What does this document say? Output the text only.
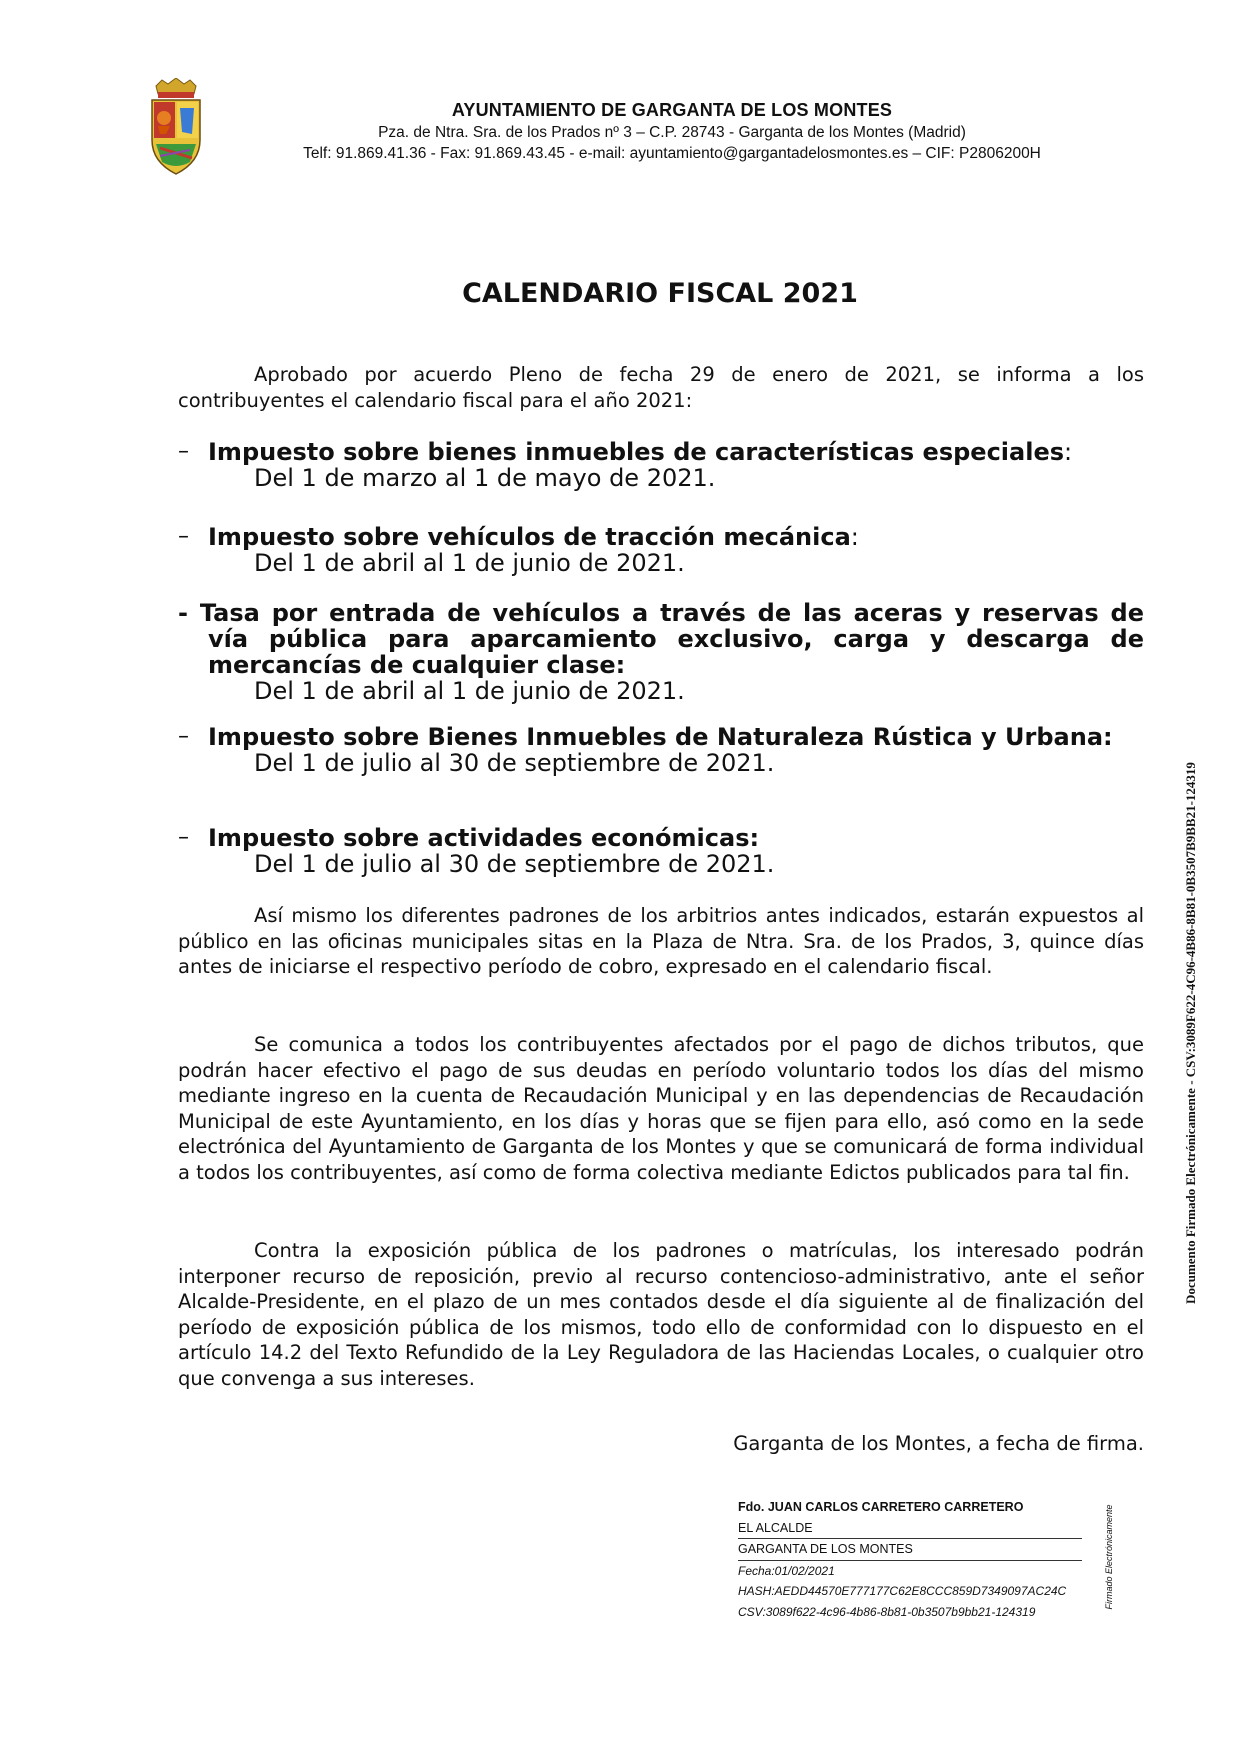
AYUNTAMIENTO DE GARGANTA DE LOS MONTES
Pza. de Ntra. Sra. de los Prados nº 3 – C.P. 28743 - Garganta de los Montes (Madrid)
Telf: 91.869.41.36 - Fax: 91.869.43.45 - e-mail: ayuntamiento@gargantadelosmontes.es – CIF: P2806200H
CALENDARIO FISCAL 2021
Aprobado por acuerdo Pleno de fecha 29 de enero de 2021, se informa a los contribuyentes el calendario fiscal para el año 2021:
– Impuesto sobre bienes inmuebles de características especiales:
Del 1 de marzo al 1 de mayo de 2021.
– Impuesto sobre vehículos de tracción mecánica:
Del 1 de abril al 1 de junio de 2021.
- Tasa por entrada de vehículos a través de las aceras y reservas de vía pública para aparcamiento exclusivo, carga y descarga de mercancías de cualquier clase:
Del 1 de abril al 1 de junio de 2021.
– Impuesto sobre Bienes Inmuebles de Naturaleza Rústica y Urbana:
Del 1 de julio al 30 de septiembre de 2021.
– Impuesto sobre actividades económicas:
Del 1 de julio al 30 de septiembre de 2021.
Así mismo los diferentes padrones de los arbitrios antes indicados, estarán expuestos al público en las oficinas municipales sitas en la Plaza de Ntra. Sra. de los Prados, 3, quince días antes de iniciarse el respectivo período de cobro, expresado en el calendario fiscal.
Se comunica a todos los contribuyentes afectados por el pago de dichos tributos, que podrán hacer efectivo el pago de sus deudas en período voluntario todos los días del mismo mediante ingreso en la cuenta de Recaudación Municipal y en las dependencias de Recaudación Municipal de este Ayuntamiento, en los días y horas que se fijen para ello, asó como en la sede electrónica del Ayuntamiento de Garganta de los Montes y que se comunicará de forma individual a todos los contribuyentes, así como de forma colectiva mediante Edictos publicados para tal fin.
Contra la exposición pública de los padrones o matrículas, los interesado podrán interponer recurso de reposición, previo al recurso contencioso-administrativo, ante el señor Alcalde-Presidente, en el plazo de un mes contados desde el día siguiente al de finalización del período de exposición pública de los mismos, todo ello de conformidad con lo dispuesto en el artículo 14.2 del Texto Refundido de la Ley Reguladora de las Haciendas Locales, o cualquier otro que convenga a sus intereses.
Garganta de los Montes, a fecha de firma.
Fdo. JUAN CARLOS CARRETERO CARRETERO
EL ALCALDE
GARGANTA DE LOS MONTES
Fecha:01/02/2021
HASH:AEDD44570E777177C62E8CCC859D7349097AC24C
CSV:3089f622-4c96-4b86-8b81-0b3507b9bb21-124319
Firmado Electrónicamente
Documento Firmado Electrónicamente - CSV:3089F622-4C96-4B86-8B81-0B3507B9BB21-124319
